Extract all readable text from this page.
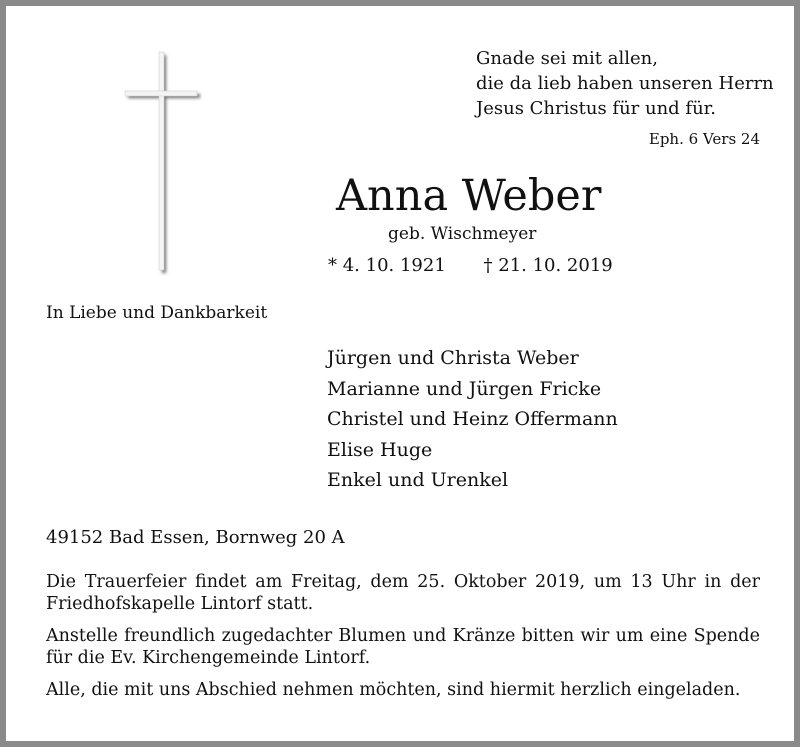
Gnade sei mit allen,
die da lieb haben unseren Herrn
Jesus Christus für und für.
Eph. 6 Vers 24
Anna Weber
geb. Wischmeyer
* 4. 10. 1921 † 21. 10. 2019
In Liebe und Dankbarkeit
Jürgen und Christa Weber
Marianne und Jürgen Fricke
Christel und Heinz Offermann
Elise Huge
Enkel und Urenkel
49152 Bad Essen, Bornweg 20 A

Die Trauerfeier findet am Freitag, dem 25. Oktober 2019, um 13 Uhr in der Friedhofskapelle Lintorf statt.

Anstelle freundlich zugedachter Blumen und Kränze bitten wir um eine Spende für die Ev. Kirchengemeinde Lintorf.

Alle, die mit uns Abschied nehmen möchten, sind hiermit herzlich eingeladen.
